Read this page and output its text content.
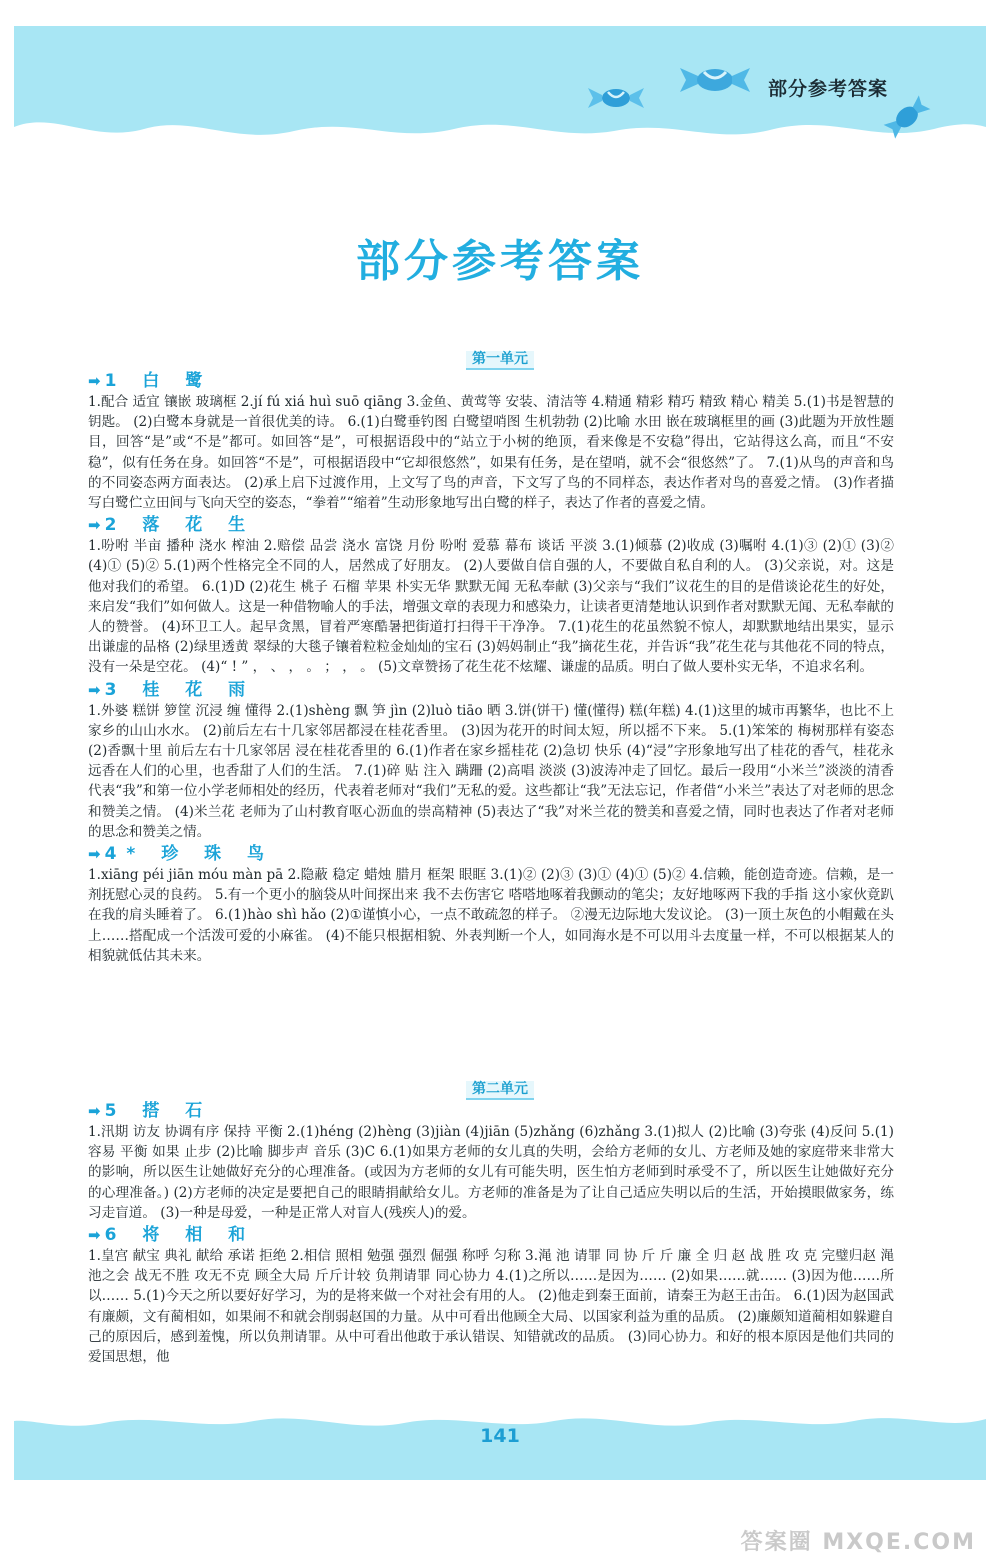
部分参考答案
部分参考答案
第一单元
➡ 1 白 鹭
1.配合 适宜 镶嵌 玻璃框 2.jí fú xiá huì suō qiāng 3.金鱼、黄莺等 安装、清洁等 4.精通 精彩 精巧 精致 精心 精美 5.(1)书是智慧的钥匙。 (2)白鹭本身就是一首很优美的诗。 6.(1)白鹭垂钓图 白鹭望哨图 生机勃勃 (2)比喻 水田 嵌在玻璃框里的画 (3)此题为开放性题目，回答“是”或“不是”都可。如回答“是”，可根据语段中的“站立于小树的绝顶，看来像是不安稳”得出，它站得这么高，而且“不安稳”，似有任务在身。如回答“不是”，可根据语段中“它却很悠然”，如果有任务，是在望哨，就不会“很悠然”了。 7.(1)从鸟的声音和鸟的不同姿态两方面表达。 (2)承上启下过渡作用，上文写了鸟的声音，下文写了鸟的不同样态，表达作者对鸟的喜爱之情。 (3)作者描写白鹭伫立田间与飞向天空的姿态，“拳着”“缩着”生动形象地写出白鹭的样子，表达了作者的喜爱之情。
➡ 2 落 花 生
1.吩咐 半亩 播种 浇水 榨油 2.赔偿 品尝 浇水 富饶 月份 吩咐 爱慕 幕布 谈话 平淡 3.(1)倾慕 (2)收成 (3)嘱咐 4.(1)③ (2)① (3)② (4)① (5)② 5.(1)两个性格完全不同的人，居然成了好朋友。 (2)人要做自信自强的人，不要做自私自利的人。 (3)父亲说，对。这是他对我们的希望。 6.(1)D (2)花生 桃子 石榴 苹果 朴实无华 默默无闻 无私奉献 (3)父亲与“我们”议花生的目的是借谈论花生的好处，来启发“我们”如何做人。这是一种借物喻人的手法，增强文章的表现力和感染力，让读者更清楚地认识到作者对默默无闻、无私奉献的人的赞誉。 (4)环卫工人。起早贪黑，冒着严寒酷暑把街道打扫得干干净净。 7.(1)花生的花虽然貌不惊人，却默默地结出果实，显示出谦虚的品格 (2)绿里透黄 翠绿的大毯子镶着粒粒金灿灿的宝石 (3)妈妈制止“我”摘花生花，并告诉“我”花生花与其他花不同的特点，没有一朵是空花。 (4)“ ! ” ， 、 ， 。 ； ， 。 (5)文章赞扬了花生花不炫耀、谦虚的品质。明白了做人要朴实无华，不追求名利。
➡ 3 桂 花 雨
1.外婆 糕饼 箩筐 沉浸 缠 懂得 2.(1)shèng 飘 笋 jìn (2)luò tiāo 晒 3.饼(饼干) 懂(懂得) 糕(年糕) 4.(1)这里的城市再繁华，也比不上家乡的山山水水。 (2)前后左右十几家邻居都浸在桂花香里。 (3)因为花开的时间太短，所以摇不下来。 5.(1)笨笨的 梅树那样有姿态 (2)香飘十里 前后左右十几家邻居 浸在桂花香里的 6.(1)作者在家乡摇桂花 (2)急切 快乐 (4)“浸”字形象地写出了桂花的香气，桂花永远香在人们的心里，也香甜了人们的生活。 7.(1)碎 贴 注入 蹒跚 (2)高唱 淡淡 (3)波涛冲走了回忆。最后一段用“小米兰”淡淡的清香代表“我”和第一位小学老师相处的经历，代表着老师对“我们”无私的爱。这些都让“我”无法忘记，作者借“小米兰”表达了对老师的思念和赞美之情。 (4)米兰花 老师为了山村教育呕心沥血的崇高精神 (5)表达了“我”对米兰花的赞美和喜爱之情，同时也表达了作者对老师的思念和赞美之情。
➡ 4* 珍 珠 鸟
1.xiāng péi jiān móu màn pā 2.隐蔽 稳定 蜡烛 腊月 框架 眼眶 3.(1)② (2)③ (3)① (4)① (5)② 4.信赖，能创造奇迹。信赖，是一剂抚慰心灵的良药。 5.有一个更小的脑袋从叶间探出来 我不去伤害它 嗒嗒地啄着我颤动的笔尖；友好地啄两下我的手指 这小家伙竟趴在我的肩头睡着了。 6.(1)hào shì hǎo (2)①谨慎小心，一点不敢疏忽的样子。 ②漫无边际地大发议论。 (3)一顶土灰色的小帽戴在头上……搭配成一个活泼可爱的小麻雀。 (4)不能只根据相貌、外表判断一个人，如同海水是不可以用斗去度量一样，不可以根据某人的相貌就低估其未来。
第二单元
➡ 5 搭 石
1.汛期 访友 协调有序 保持 平衡 2.(1)héng (2)hèng (3)jiàn (4)jiān (5)zhǎng (6)zhǎng 3.(1)拟人 (2)比喻 (3)夸张 (4)反问 5.(1)容易 平衡 如果 止步 (2)比喻 脚步声 音乐 (3)C 6.(1)如果方老师的女儿真的失明，会给方老师的女儿、方老师及她的家庭带来非常大的影响，所以医生让她做好充分的心理准备。(或因为方老师的女儿有可能失明，医生怕方老师到时承受不了，所以医生让她做好充分的心理准备。) (2)方老师的决定是要把自己的眼睛捐献给女儿。方老师的准备是为了让自己适应失明以后的生活，开始摸眼做家务，练习走盲道。 (3)一种是母爱，一种是正常人对盲人(残疾人)的爱。
➡ 6 将 相 和
1.皇宫 献宝 典礼 献给 承诺 拒绝 2.相信 照相 勉强 强烈 倔强 称呼 匀称 3.渑 池 请罪 同 协 斤 斤 廉 全 归 赵 战 胜 攻 克 完璧归赵 渑池之会 战无不胜 攻无不克 顾全大局 斤斤计较 负荆请罪 同心协力 4.(1)之所以……是因为…… (2)如果……就…… (3)因为他……所以…… 5.(1)今天之所以要好好学习，为的是将来做一个对社会有用的人。 (2)他走到秦王面前，请秦王为赵王击缶。 6.(1)因为赵国武有廉颇，文有蔺相如，如果闹不和就会削弱赵国的力量。从中可看出他顾全大局、以国家利益为重的品质。 (2)廉颇知道蔺相如躲避自己的原因后，感到羞愧，所以负荆请罪。从中可看出他敢于承认错误、知错就改的品质。 (3)同心协力。和好的根本原因是他们共同的爱国思想，他
141
答案圈 MXQE.COM
